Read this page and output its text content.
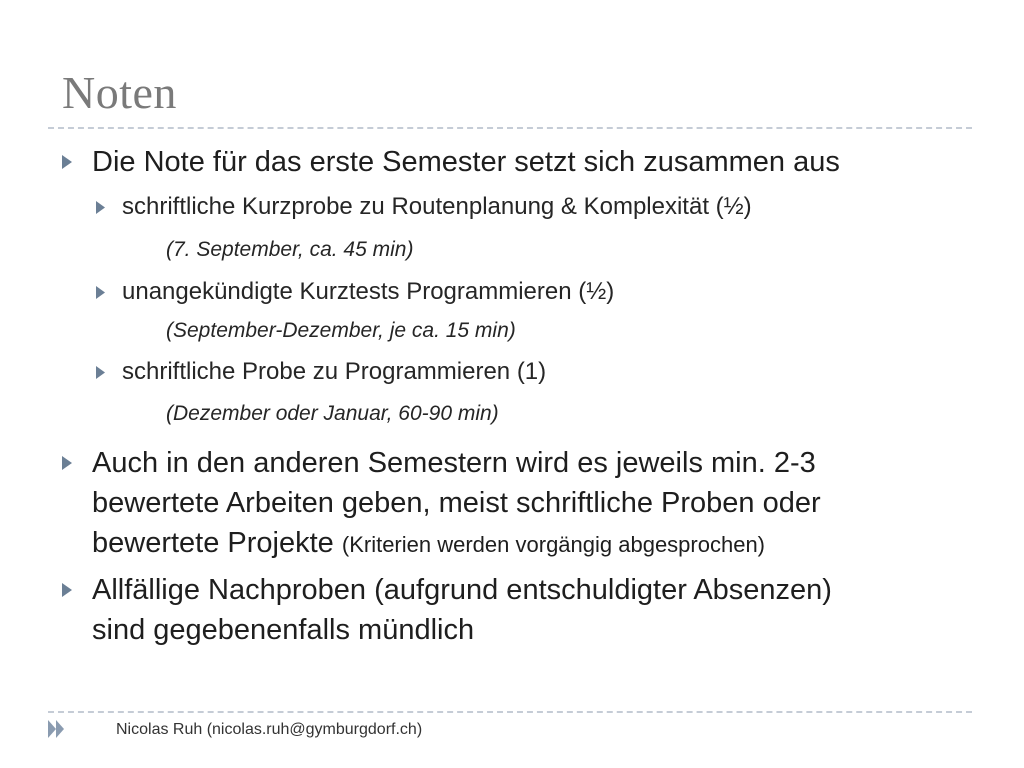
Noten
Die Note für das erste Semester setzt sich zusammen aus
schriftliche Kurzprobe zu Routenplanung & Komplexität (½)
(7. September, ca. 45 min)
unangekündigte Kurztests Programmieren (½)
(September-Dezember, je ca. 15 min)
schriftliche Probe zu Programmieren (1)
(Dezember oder Januar, 60-90 min)
Auch in den anderen Semestern wird es jeweils min. 2-3
bewertete Arbeiten geben, meist schriftliche Proben oder
bewertete Projekte (Kriterien werden vorgängig abgesprochen)
Allfällige Nachproben (aufgrund entschuldigter Absenzen)
sind gegebenenfalls mündlich
Nicolas Ruh (nicolas.ruh@gymburgdorf.ch)
